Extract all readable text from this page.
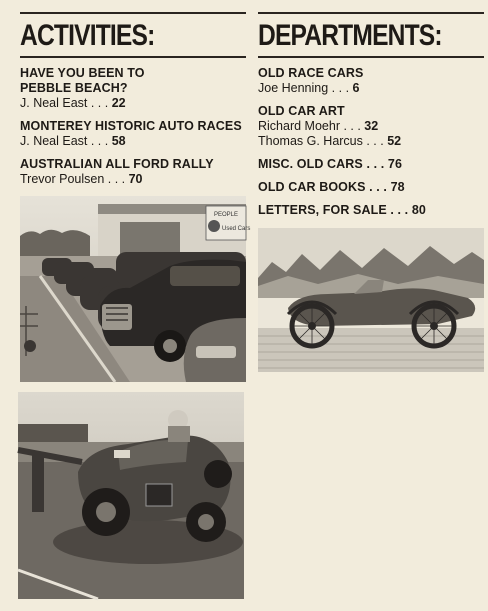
ACTIVITIES:
HAVE YOU BEEN TO PEBBLE BEACH?
J. Neal East . . . 22
MONTEREY HISTORIC AUTO RACES
J. Neal East . . . 58
AUSTRALIAN ALL FORD RALLY
Trevor Poulsen . . . 70
DEPARTMENTS:
OLD RACE CARS
Joe Henning . . . 6
OLD CAR ART
Richard Moehr . . . 32
Thomas G. Harcus . . . 52
MISC. OLD CARS . . . 76
OLD CAR BOOKS . . . 78
LETTERS, FOR SALE . . . 80
PEOPLE
Used Cars
